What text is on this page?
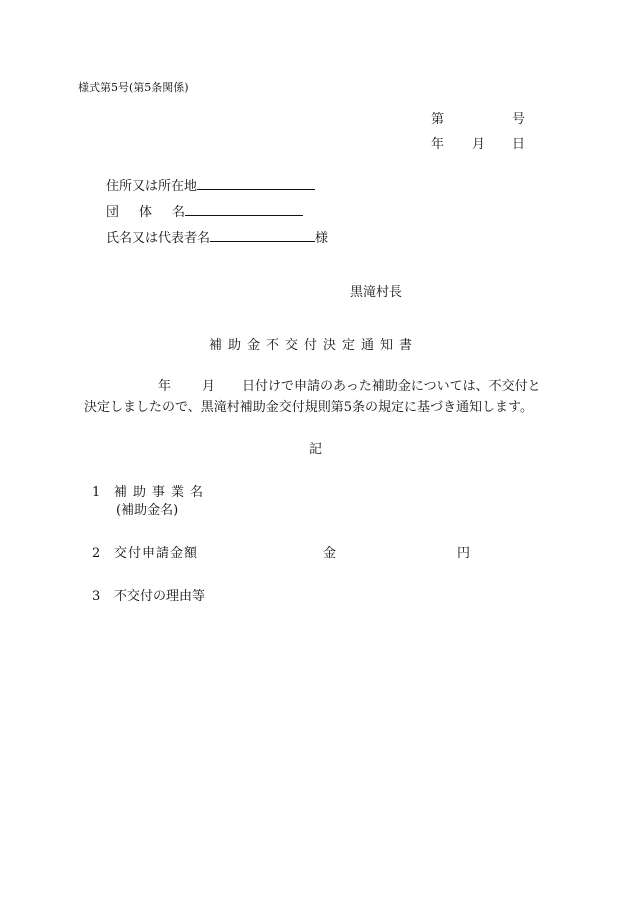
様式第5号(第5条関係)
第	号
年 月 日
住所又は所在地
団 体 名
氏名又は代表者名	様
黒滝村長
補助金不交付決定通知書
年 月 日付けで申請のあった補助金については、不交付と
決定しましたので、黒滝村補助金交付規則第5条の規定に基づき通知します。
記
1 補助事業名
(補助金名)
2 交付申請金額	金	円
3 不交付の理由等
